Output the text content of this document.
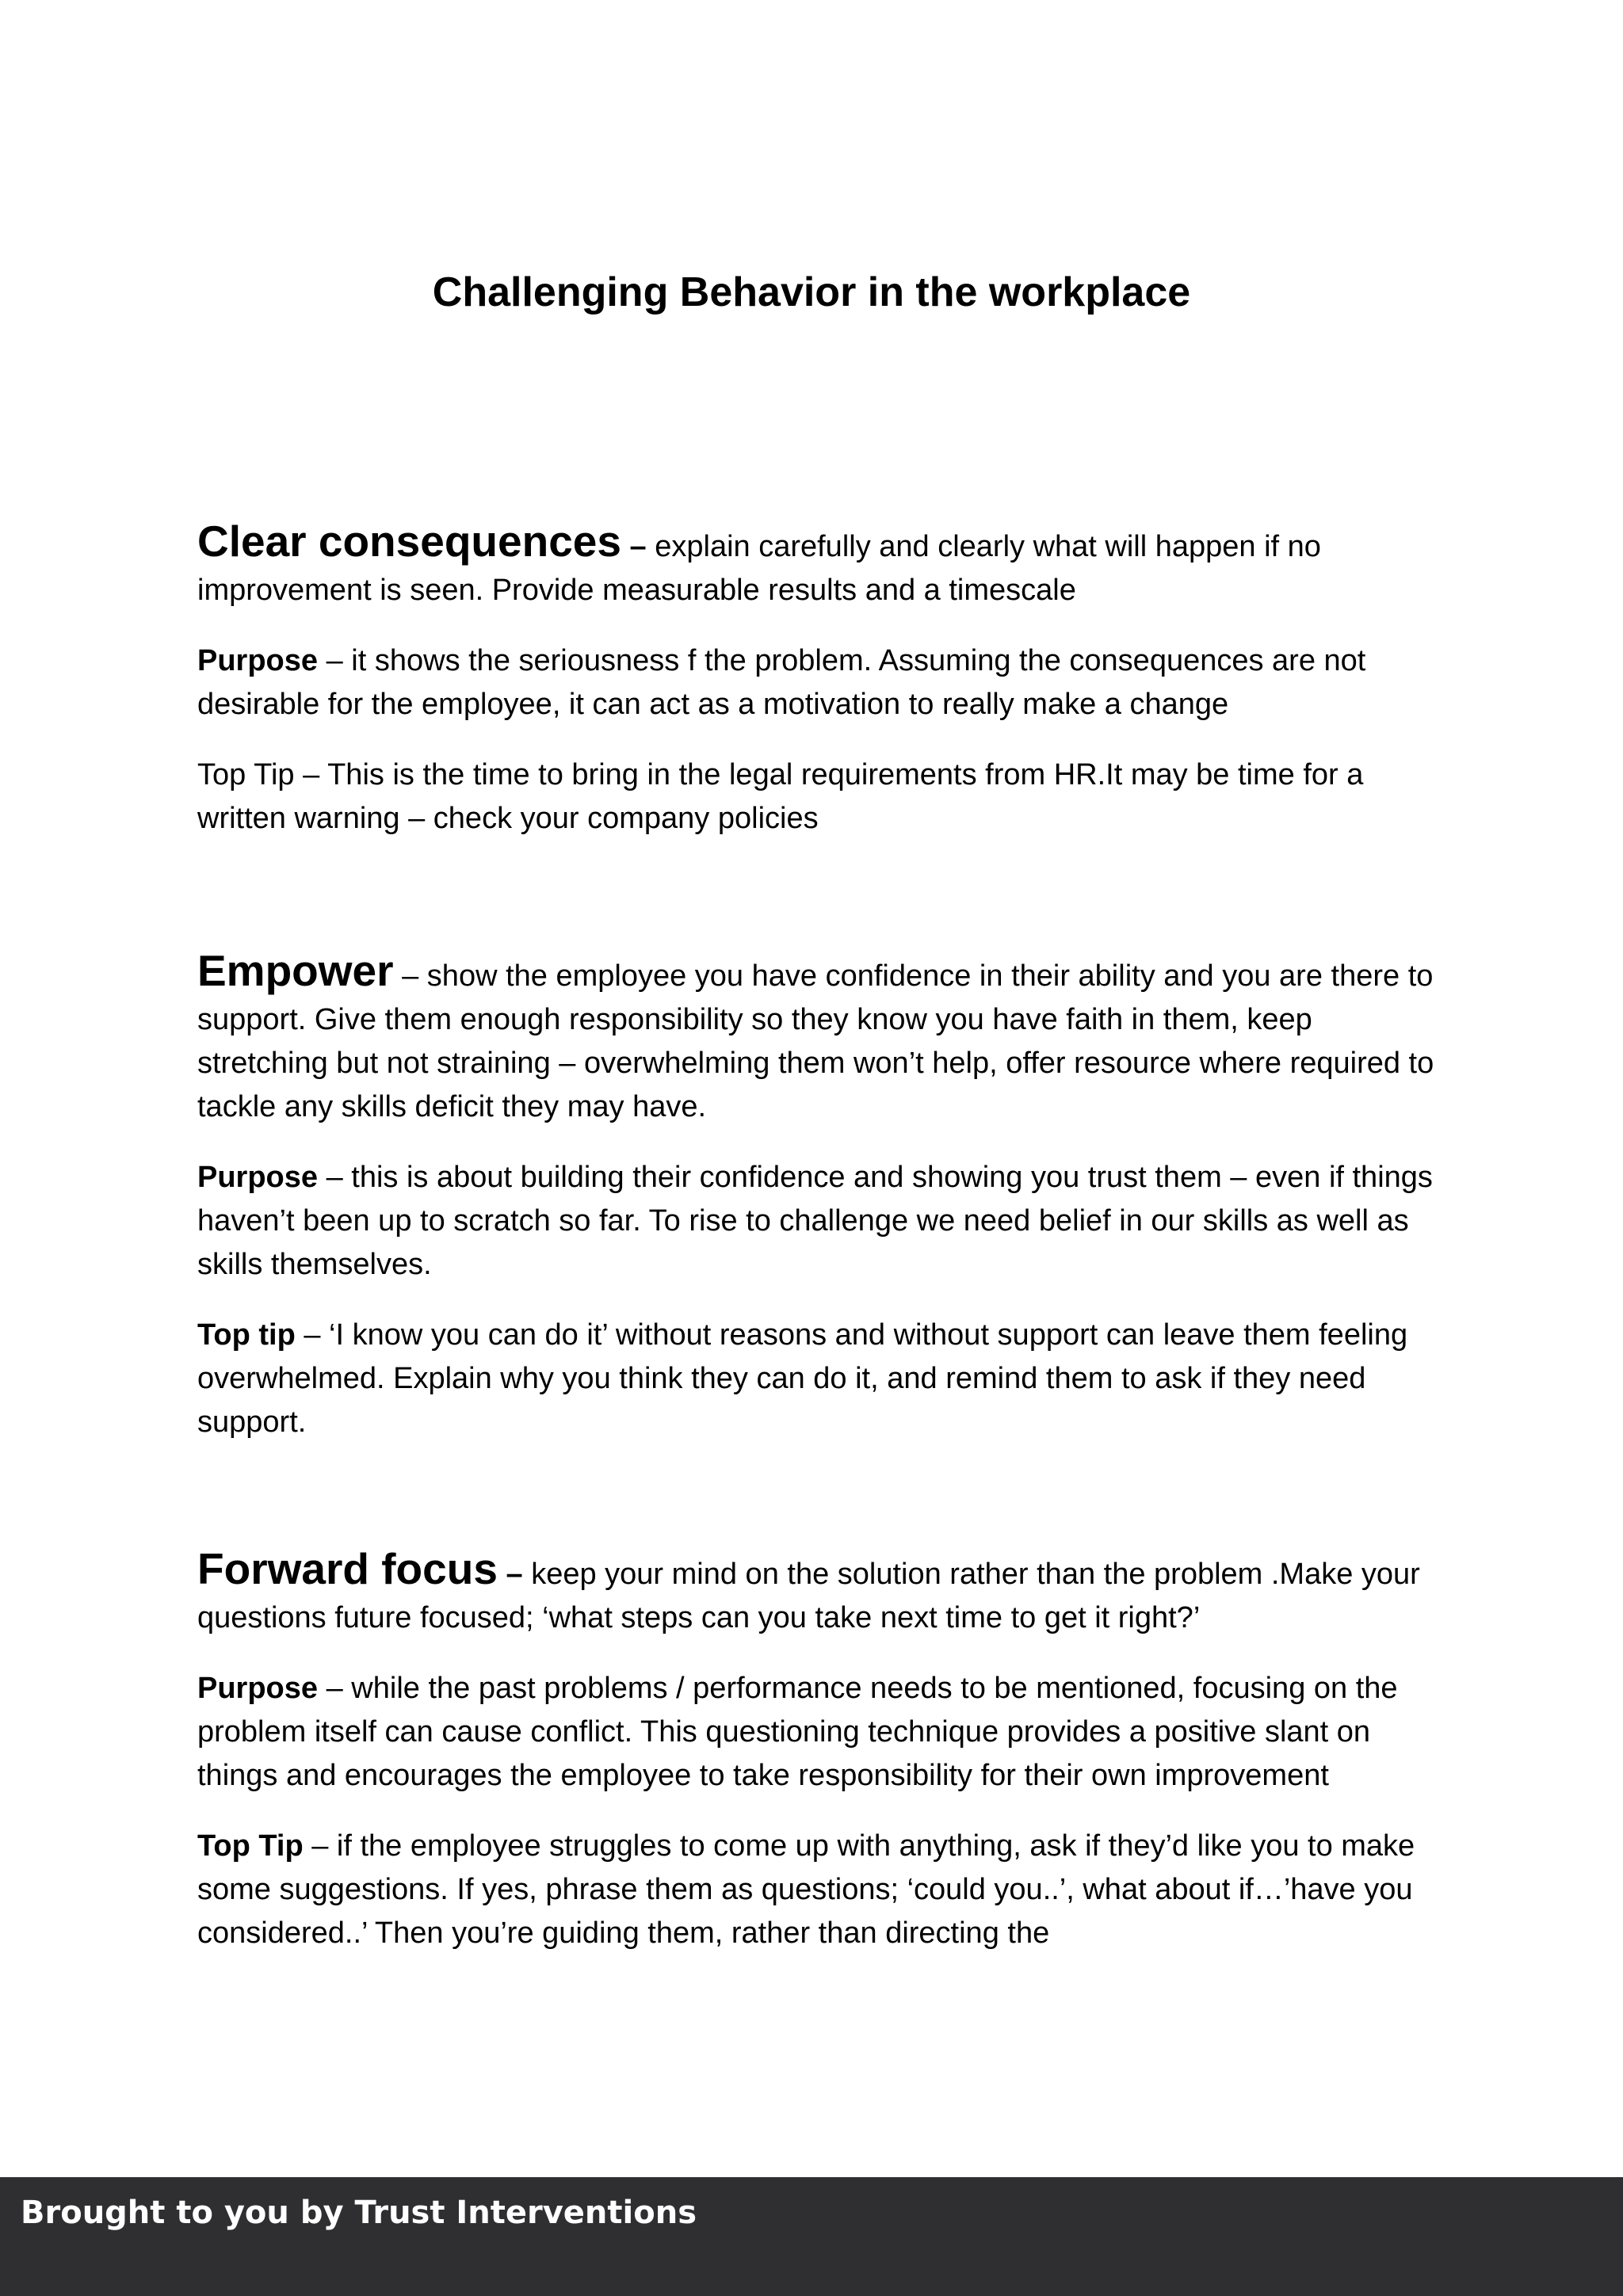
Challenging Behavior in the workplace

Clear consequences – explain carefully and clearly what will happen if no improvement is seen. Provide measurable results and a timescale

Purpose – it shows the seriousness f the problem. Assuming the consequences are not desirable for the employee, it can act as a motivation to really make a change

Top Tip – This is the time to bring in the legal requirements from HR.It may be time for a written warning – check your company policies

Empower – show the employee you have confidence in their ability and you are there to support. Give them enough responsibility so they know you have faith in them, keep stretching but not straining – overwhelming them won’t help, offer resource where required to tackle any skills deficit they may have.

Purpose – this is about building their confidence and showing you trust them – even if things haven’t been up to scratch so far. To rise to challenge we need belief in our skills as well as skills themselves.

Top tip – ‘I know you can do it’ without reasons and without support can leave them feeling overwhelmed. Explain why you think they can do it, and remind them to ask if they need support.

Forward focus – keep your mind on the solution rather than the problem .Make your questions future focused; ‘what steps can you take next time to get it right?’

Purpose – while the past problems / performance needs to be mentioned, focusing on the problem itself can cause conflict. This questioning technique provides a positive slant on things and encourages the employee to take responsibility for their own improvement

Top Tip – if the employee struggles to come up with anything, ask if they’d like you to make some suggestions. If yes, phrase them as questions; ‘could you..’, what about if…’have you considered..’ Then you’re guiding them, rather than directing the

Brought to you by Trust Interventions
